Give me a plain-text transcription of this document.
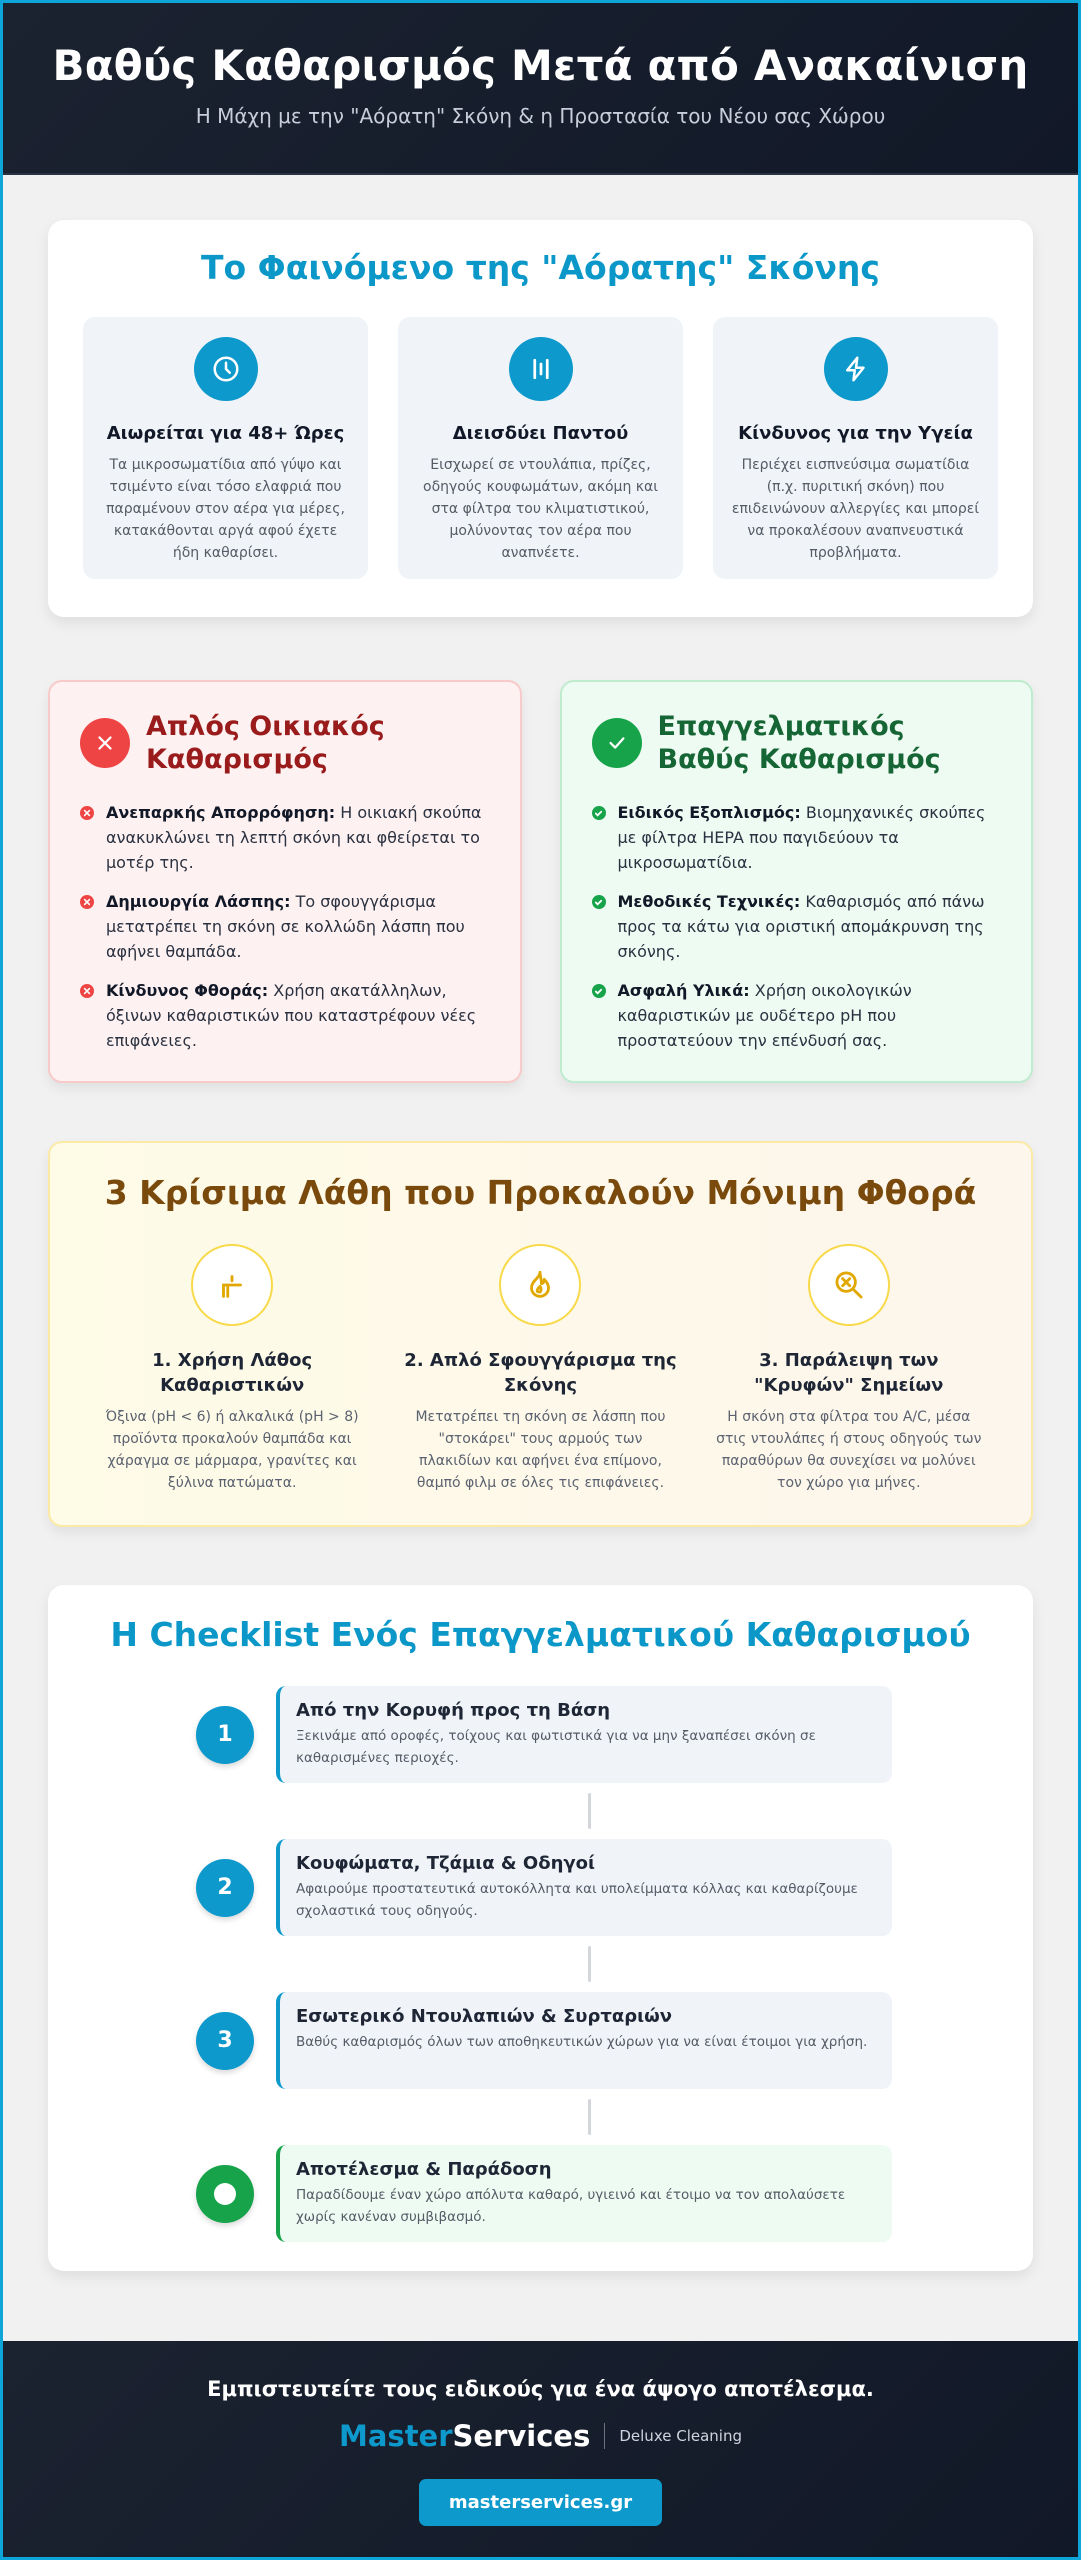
Βαθύς Καθαρισμός Μετά από Ανακαίνιση

Η Μάχη με την "Αόρατη" Σκόνη & η Προστασία του Νέου σας Χώρου

Το Φαινόμενο της "Αόρατης" Σκόνης
Αιωρείται για 48+ Ώρες
Τα μικροσωματίδια από γύψο και τσιμέντο είναι τόσο ελαφριά που παραμένουν στον αέρα για μέρες, κατακάθονται αργά αφού έχετε ήδη καθαρίσει.
Διεισδύει Παντού
Εισχωρεί σε ντουλάπια, πρίζες, οδηγούς κουφωμάτων, ακόμη και στα φίλτρα του κλιματιστικού, μολύνοντας τον αέρα που αναπνέετε.
Κίνδυνος για την Υγεία
Περιέχει εισπνεύσιμα σωματίδια (π.χ. πυριτική σκόνη) που επιδεινώνουν αλλεργίες και μπορεί να προκαλέσουν αναπνευστικά προβλήματα.
Απλός Οικιακός Καθαρισμός
Ανεπαρκής Απορρόφηση: Η οικιακή σκούπα ανακυκλώνει τη λεπτή σκόνη και φθείρεται το μοτέρ της.
Δημιουργία Λάσπης: Το σφουγγάρισμα μετατρέπει τη σκόνη σε κολλώδη λάσπη που αφήνει θαμπάδα.
Κίνδυνος Φθοράς: Χρήση ακατάλληλων, όξινων καθαριστικών που καταστρέφουν νέες επιφάνειες.
Επαγγελματικός Βαθύς Καθαρισμός
Ειδικός Εξοπλισμός: Βιομηχανικές σκούπες με φίλτρα HEPA που παγιδεύουν τα μικροσωματίδια.
Μεθοδικές Τεχνικές: Καθαρισμός από πάνω προς τα κάτω για οριστική απομάκρυνση της σκόνης.
Ασφαλή Υλικά: Χρήση οικολογικών καθαριστικών με ουδέτερο pH που προστατεύουν την επένδυσή σας.
3 Κρίσιμα Λάθη που Προκαλούν Μόνιμη Φθορά
1. Χρήση Λάθος Καθαριστικών
Όξινα (pH < 6) ή αλκαλικά (pH > 8) προϊόντα προκαλούν θαμπάδα και χάραγμα σε μάρμαρα, γρανίτες και ξύλινα πατώματα.
2. Απλό Σφουγγάρισμα της Σκόνης
Μετατρέπει τη σκόνη σε λάσπη που "στοκάρει" τους αρμούς των πλακιδίων και αφήνει ένα επίμονο, θαμπό φιλμ σε όλες τις επιφάνειες.
3. Παράλειψη των "Κρυφών" Σημείων
Η σκόνη στα φίλτρα του A/C, μέσα στις ντουλάπες ή στους οδηγούς των παραθύρων θα συνεχίσει να μολύνει τον χώρο για μήνες.
Η Checklist Ενός Επαγγελματικού Καθαρισμού
1
Από την Κορυφή προς τη Βάση
Ξεκινάμε από οροφές, τοίχους και φωτιστικά για να μην ξαναπέσει σκόνη σε καθαρισμένες περιοχές.
2
Κουφώματα, Τζάμια & Οδηγοί
Αφαιρούμε προστατευτικά αυτοκόλλητα και υπολείμματα κόλλας και καθαρίζουμε σχολαστικά τους οδηγούς.
3
Εσωτερικό Ντουλαπιών & Συρταριών
Βαθύς καθαρισμός όλων των αποθηκευτικών χώρων για να είναι έτοιμοι για χρήση.
Αποτέλεσμα & Παράδοση
Παραδίδουμε έναν χώρο απόλυτα καθαρό, υγιεινό και έτοιμο να τον απολαύσετε χωρίς κανέναν συμβιβασμό.
Εμπιστευτείτε τους ειδικούς για ένα άψογο αποτέλεσμα.
MasterServices Deluxe Cleaning
masterservices.gr
